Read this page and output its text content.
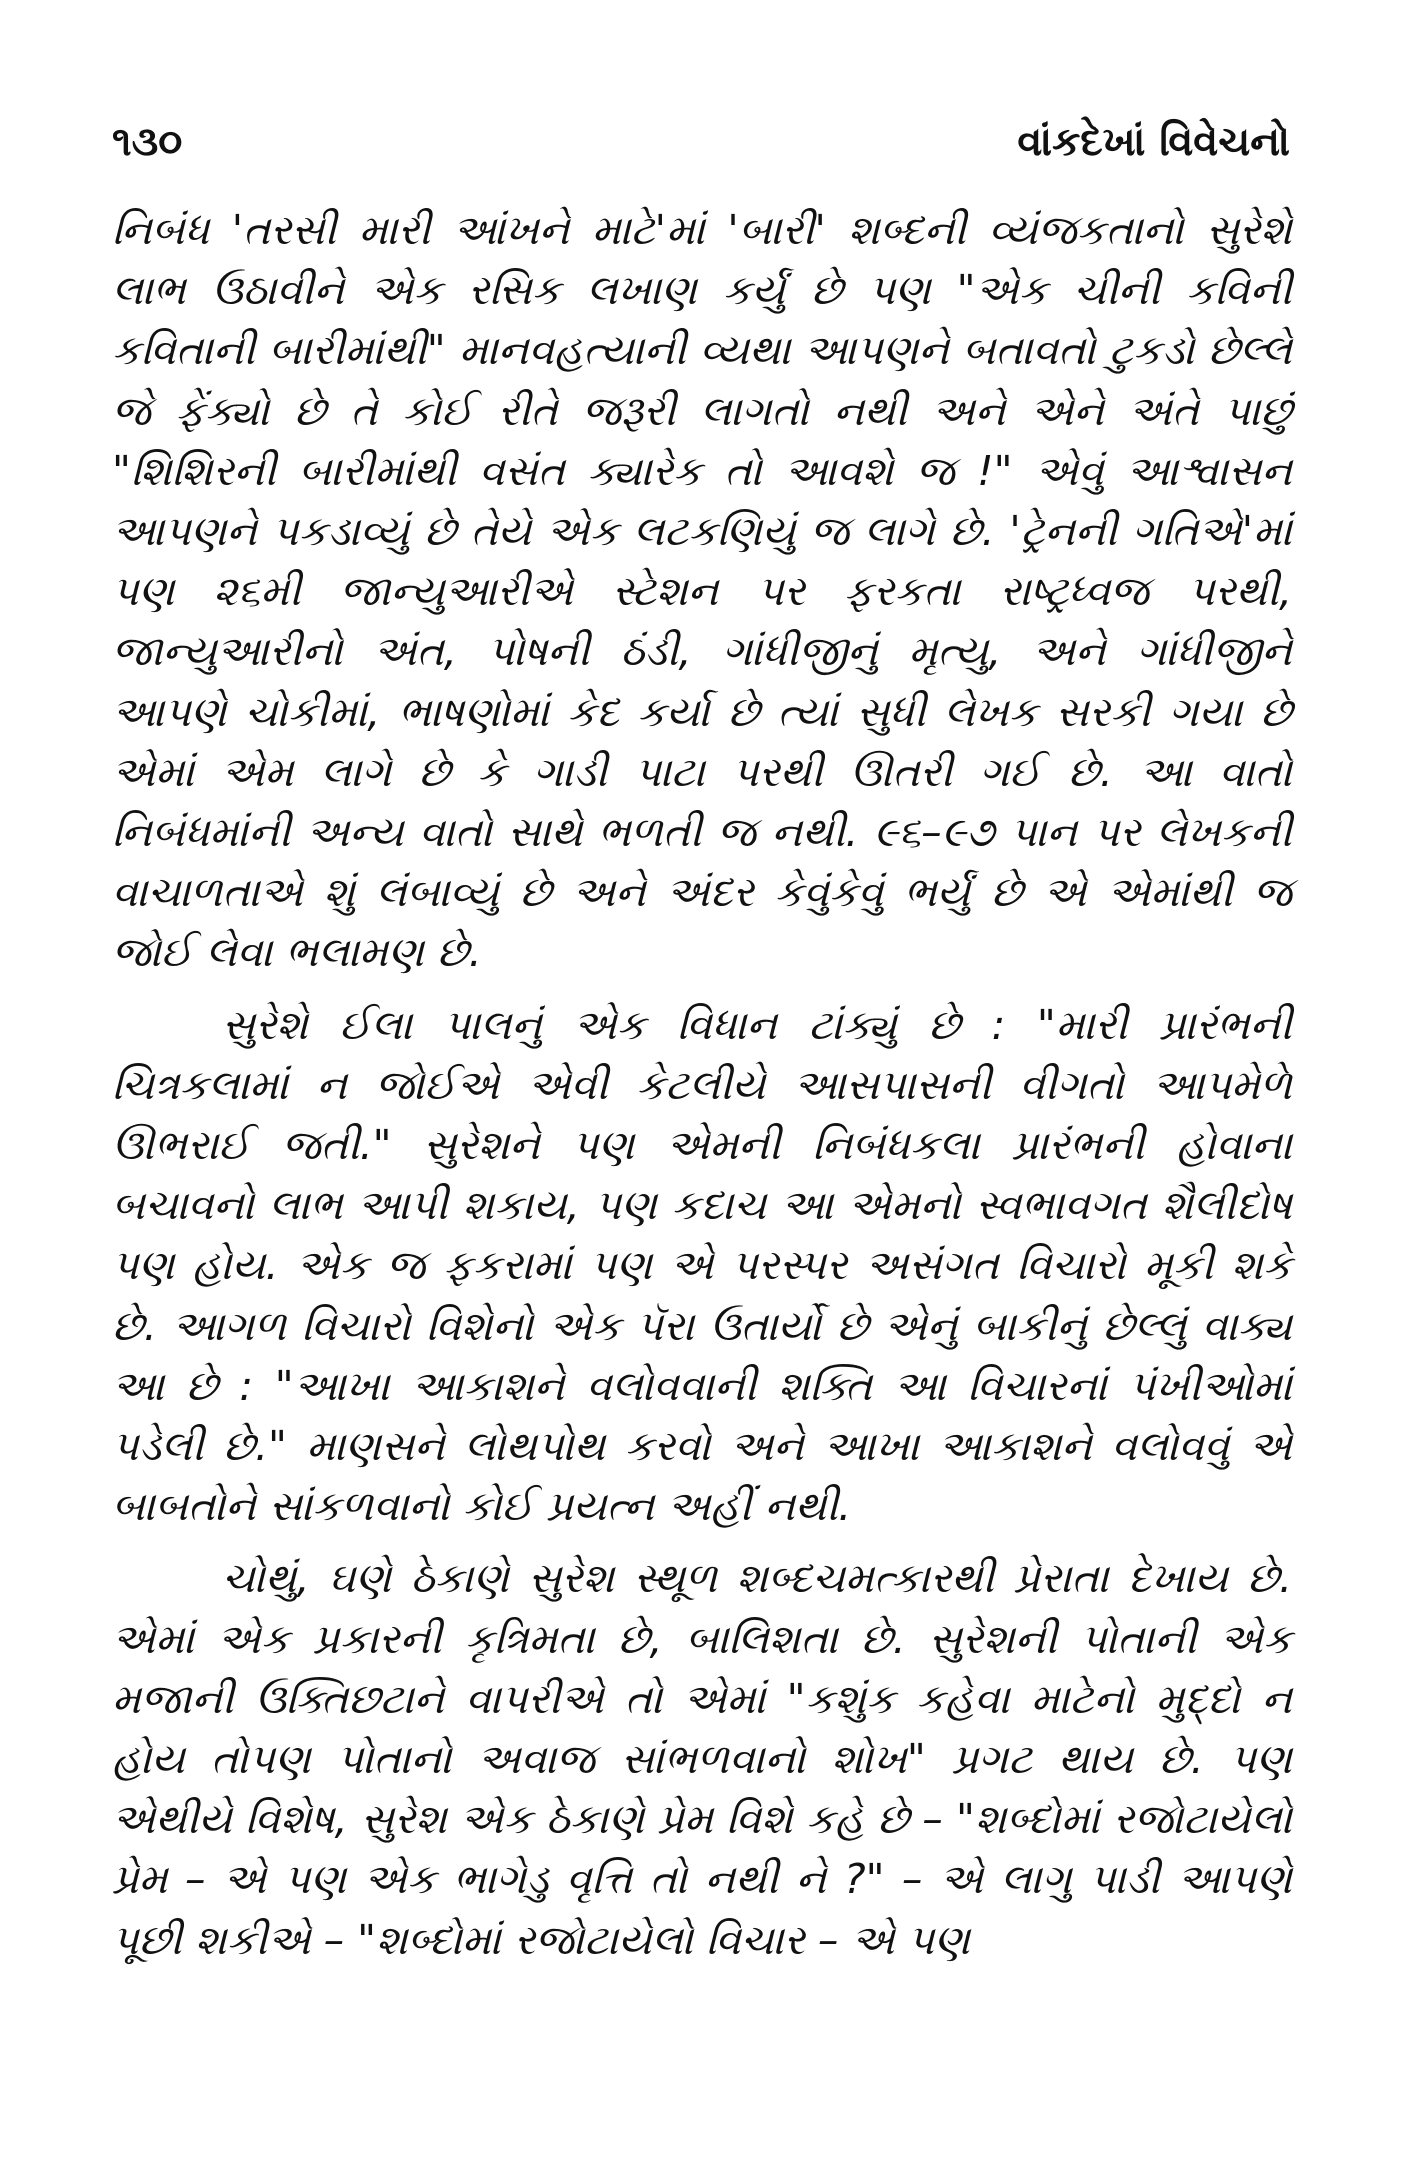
૧૩૦	વાંકદેખાં વિવેચનો

નિબંધ 'તરસી મારી આંખને માટે'માં 'બારી' શબ્દની વ્યંજકતાનો સુરેશે લાભ ઉઠાવીને એક રસિક લખાણ કર્યું છે પણ "એક ચીની કવિની કવિતાની બારીમાંથી" માનવહત્યાની વ્યથા આપણને બતાવતો ટુકડો છેલ્લે જે ફેંક્યો છે તે કોઈ રીતે જરૂરી લાગતો નથી અને એને અંતે પાછું "શિશિરની બારીમાંથી વસંત ક્યારેક તો આવશે જ !" એવું આશ્વાસન આપણને પકડાવ્યું છે તેયે એક લટકણિયું જ લાગે છે. 'ટ્રેનની ગતિએ'માં પણ ૨૬મી જાન્યુઆરીએ સ્ટેશન પર ફરકતા રાષ્ટ્રધ્વજ પરથી, જાન્યુઆરીનો અંત, પોષની ઠંડી, ગાંધીજીનું મૃત્યુ, અને ગાંધીજીને આપણે ચોકીમાં, ભાષણોમાં કેદ કર્યા છે ત્યાં સુધી લેખક સરકી ગયા છે એમાં એમ લાગે છે કે ગાડી પાટા પરથી ઊતરી ગઈ છે. આ વાતો નિબંધમાંની અન્ય વાતો સાથે ભળતી જ નથી. ૯૬–૯૭ પાન પર લેખકની વાચાળતાએ શું લંબાવ્યું છે અને અંદર કેવુંકેવું ભર્યું છે એ એમાંથી જ જોઈ લેવા ભલામણ છે.

સુરેશે ઈલા પાલનું એક વિધાન ટાંક્યું છે : "મારી પ્રારંભની ચિત્રકલામાં ન જોઈએ એવી કેટલીયે આસપાસની વીગતો આપમેળે ઊભરાઈ જતી." સુરેશને પણ એમની નિબંધકલા પ્રારંભની હોવાના બચાવનો લાભ આપી શકાય, પણ કદાચ આ એમનો સ્વભાવગત શૈલીદોષ પણ હોય. એક જ ફકરામાં પણ એ પરસ્પર અસંગત વિચારો મૂકી શકે છે. આગળ વિચારો વિશેનો એક પૅરા ઉતાર્યો છે એનું બાકીનું છેલ્લું વાક્ય આ છે : "આખા આકાશને વલોવવાની શક્તિ આ વિચારનાં પંખીઓમાં પડેલી છે." માણસને લોથપોથ કરવો અને આખા આકાશને વલોવવું એ બાબતોને સાંકળવાનો કોઈ પ્રયત્ન અહીં નથી.

ચોથું, ઘણે ઠેકાણે સુરેશ સ્થૂળ શબ્દચમત્કારથી પ્રેરાતા દેખાય છે. એમાં એક પ્રકારની કૃત્રિમતા છે, બાલિશતા છે. સુરેશની પોતાની એક મજાની ઉક્તિછટાને વાપરીએ તો એમાં "કશુંક કહેવા માટેનો મુદ્દો ન હોય તોપણ પોતાનો અવાજ સાંભળવાનો શોખ" પ્રગટ થાય છે. પણ એથીયે વિશેષ, સુરેશ એક ઠેકાણે પ્રેમ વિશે કહે છે – "શબ્દોમાં રજોટાયેલો પ્રેમ – એ પણ એક ભાગેડુ વૃત્તિ તો નથી ને ?" – એ લાગુ પાડી આપણે પૂછી શકીએ – "શબ્દોમાં રજોટાયેલો વિચાર – એ પણ
